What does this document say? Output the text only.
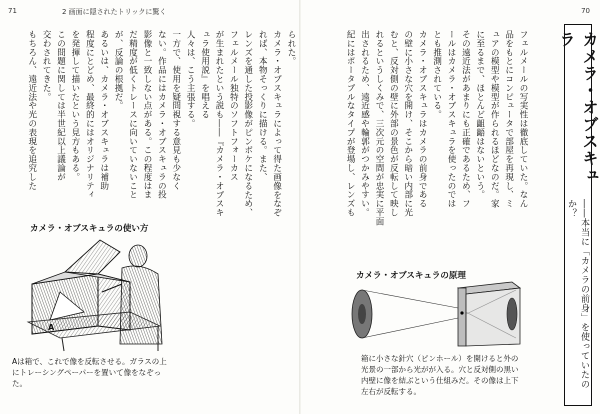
71	2 画面に隠されたトリックに驚く	70
フェルメールの写実性は徹底していた。なん
品をもとにコンピュータで部屋を再現し、ミ
ュアの模型や模型が作られるほどなのだ。家
に至るまで、ほとんど齟齬はないという。
その遠近法があまりにも正確であるため、フ
ールはカメラ・オブスキュラを使ったのでは
とも推測されている。
カメラ・オブスキュラはカメラの前身である
の壁に小さな穴を開け、そこから暗い内部に光
むと、反対側の壁に外部の景色が反転して映し
れるというしくみで、三次元の空間が忠実に平面
出されるため、遠近感や輪郭がつかみやすい。
紀にはポータブルなタイプが登場し、レンズも	カメラ・オブスキュラ
――本当に「カメラの前身」を使っていたのか？
られた。
カメラ・オブスキュラによって得た画像をなぞれば、本物そっくりに描ける。また、
レンズを通した投影像がピンボケになるため、フェルメール独特のソフトフォーカス
が生まれたという説も――『カメラ・オブスキュラ使用説』を唱える
人々は、こう主張する。
一方で、使用を疑問視する意見も少なく
ない。作品にはカメラ・オブスキュラの投
影像と一致しない点がある。この程度はま
だ精度が低くトレースに向いていないこと
が、反論の根拠だ。
あるいは、カメラ・オブスキュラは補助
程度にとどめ、最終的にはオリジナリティ
を発揮して描いたという見方もある。
この問題に関しては半世紀以上議論が
交わされてきた。
もちろん、遠近法や光の表現を追究した
カメラ・オブスキュラの使い方
A
Aは箱で、これで像を反転させる。ガラスの上にトレーシングペーパーを置いて像をなぞった。
カメラ・オブスキュラの原理
箱に小さな針穴（ピンホール）を開けると外の光景の一部から光がが入る。穴と反対側の黒い内壁に像を結ぶという仕組みだ。その像は上下左右が反転する。
